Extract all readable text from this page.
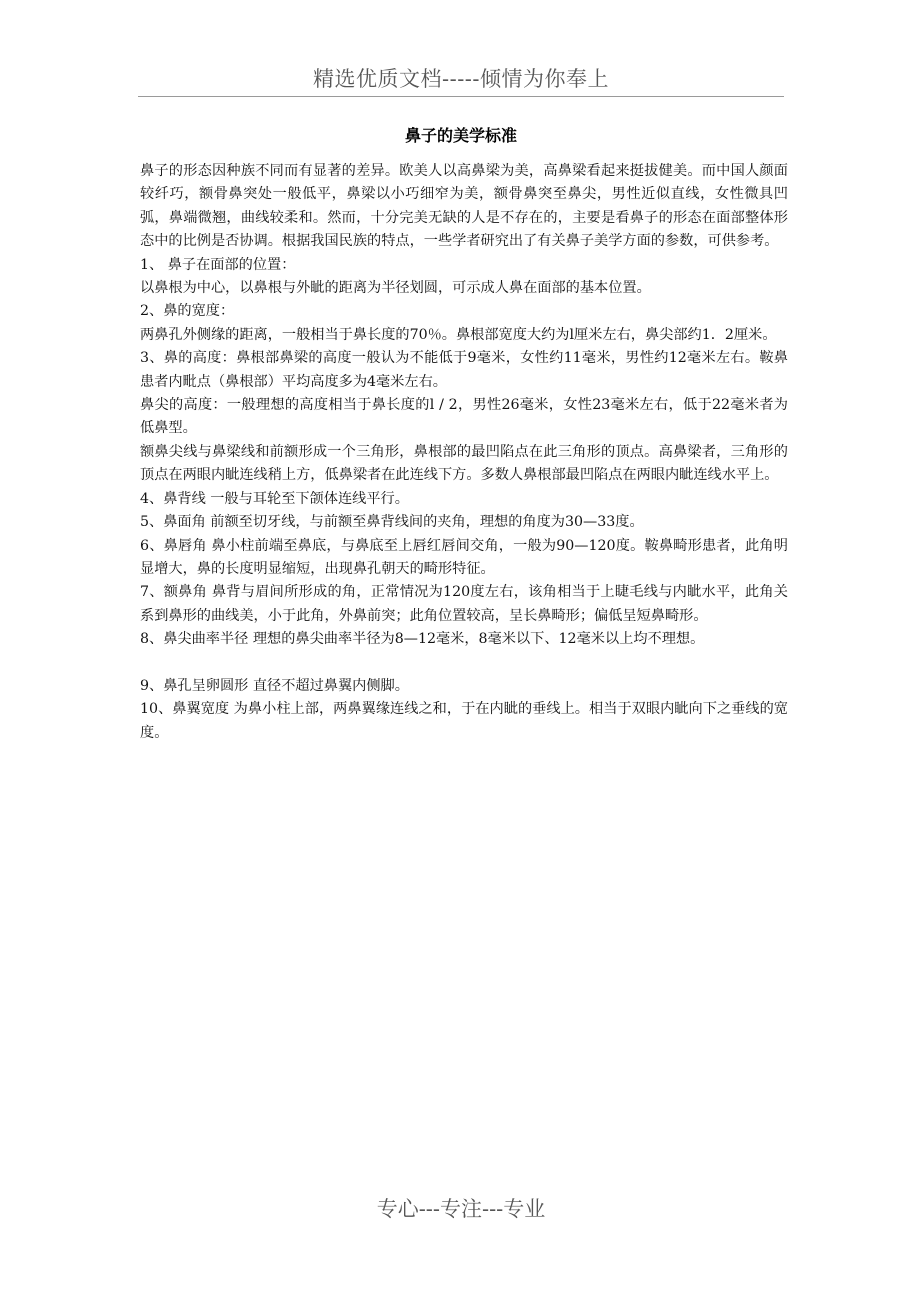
精选优质文档-----倾情为你奉上
鼻子的美学标准

鼻子的形态因种族不同而有显著的差异。欧美人以高鼻梁为美，高鼻梁看起来挺拔健美。而中国人颜面较纤巧，额骨鼻突处一般低平，鼻梁以小巧细窄为美，额骨鼻突至鼻尖，男性近似直线，女性微具凹弧，鼻端微翘，曲线较柔和。然而，十分完美无缺的人是不存在的，主要是看鼻子的形态在面部整体形态中的比例是否协调。根据我国民族的特点，一些学者研究出了有关鼻子美学方面的参数，可供参考。

1、 鼻子在面部的位置：

以鼻根为中心，以鼻根与外眦的距离为半径划圆，可示成人鼻在面部的基本位置。

2、鼻的宽度：

两鼻孔外侧缘的距离，一般相当于鼻长度的70％。鼻根部宽度大约为l厘米左右，鼻尖部约1．2厘米。

3、鼻的高度：鼻根部鼻梁的高度一般认为不能低于9毫米，女性约11毫米，男性约12毫米左右。鞍鼻患者内毗点（鼻根部）平均高度多为4毫米左右。

鼻尖的高度：一般理想的高度相当于鼻长度的l / 2，男性26毫米，女性23毫米左右，低于22毫米者为低鼻型。

额鼻尖线与鼻梁线和前额形成一个三角形，鼻根部的最凹陷点在此三角形的顶点。高鼻梁者，三角形的顶点在两眼内眦连线稍上方，低鼻梁者在此连线下方。多数人鼻根部最凹陷点在两眼内眦连线水平上。

4、鼻背线 一般与耳轮至下颌体连线平行。

5、鼻面角 前额至切牙线，与前额至鼻背线间的夹角，理想的角度为30—33度。

6、鼻唇角 鼻小柱前端至鼻底，与鼻底至上唇红唇间交角，一般为90—120度。鞍鼻畸形患者，此角明显增大，鼻的长度明显缩短，出现鼻孔朝天的畸形特征。

7、额鼻角 鼻背与眉间所形成的角，正常情况为120度左右，该角相当于上睫毛线与内眦水平，此角关系到鼻形的曲线美，小于此角，外鼻前突；此角位置较高，呈长鼻畸形；偏低呈短鼻畸形。

8、鼻尖曲率半径 理想的鼻尖曲率半径为8—12毫米，8毫米以下、12毫米以上均不理想。

9、鼻孔呈卵圆形 直径不超过鼻翼内侧脚。

10、鼻翼宽度 为鼻小柱上部，两鼻翼缘连线之和，于在内眦的垂线上。相当于双眼内眦向下之垂线的宽度。

专心---专注---专业
